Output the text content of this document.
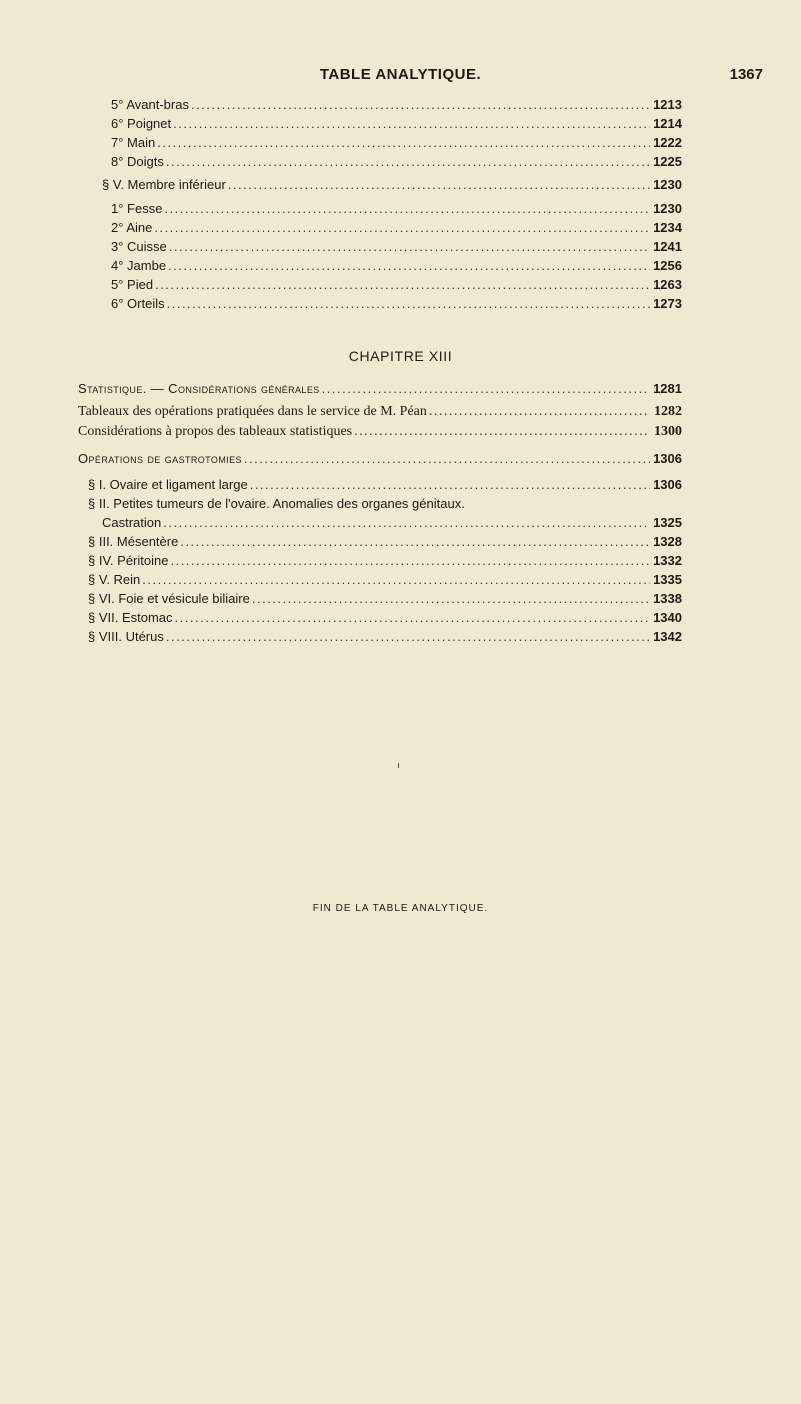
TABLE ANALYTIQUE.	1367
5° Avant-bras .....	1213
6° Poignet .....	1214
7° Main .....	1222
8° Doigts .....	1225
§ V. Membre inférieur .....	1230
1° Fesse .....	1230
2° Aine .....	1234
3° Cuisse .....	1241
4° Jambe .....	1256
5° Pied .....	1263
6° Orteils .....	1273
CHAPITRE XIII
Statistique. — Considérations générales .....	1281
Tableaux des opérations pratiquées dans le service de M. Péan .....	1282
Considérations à propos des tableaux statistiques .....	1300
Opérations de gastrotomies .....	1306
§ I. Ovaire et ligament large .....	1306
§ II. Petites tumeurs de l'ovaire. Anomalies des organes génitaux.
Castration .....	1325
§ III. Mésentère .....	1328
§ IV. Péritoine .....	1332
§ V. Rein .....	1335
§ VI. Foie et vésicule biliaire .....	1338
§ VII. Estomac .....	1340
§ VIII. Utérus .....	1342
FIN DE LA TABLE ANALYTIQUE.
